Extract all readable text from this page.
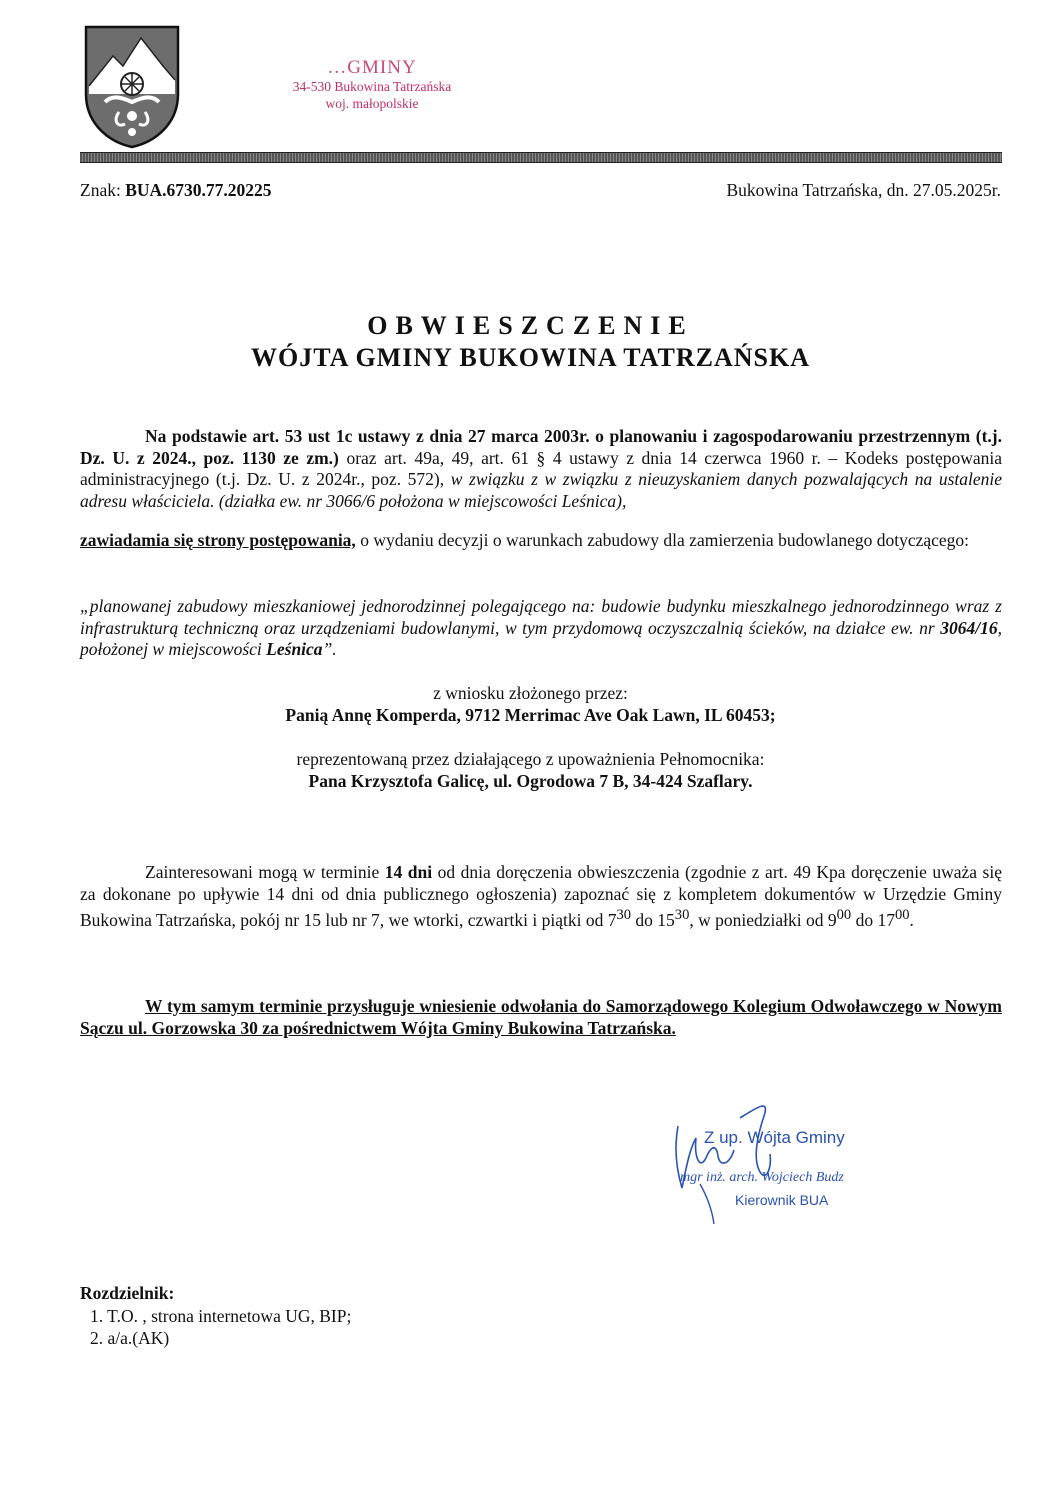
…GMINY
34-530 Bukowina Tatrzańska
woj. małopolskie
Znak: BUA.6730.77.20225	Bukowina Tatrzańska, dn. 27.05.2025r.
OBWIESZCZENIE
WÓJTA GMINY BUKOWINA TATRZAŃSKA
Na podstawie art. 53 ust 1c ustawy z dnia 27 marca 2003r. o planowaniu i zagospodarowaniu przestrzennym (t.j. Dz. U. z 2024., poz. 1130 ze zm.) oraz art. 49a, 49, art. 61 § 4 ustawy z dnia 14 czerwca 1960 r. – Kodeks postępowania administracyjnego (t.j. Dz. U. z 2024r., poz. 572), w związku z w związku z nieuzyskaniem danych pozwalających na ustalenie adresu właściciela. (działka ew. nr 3066/6 położona w miejscowości Leśnica),
zawiadamia się strony postępowania, o wydaniu decyzji o warunkach zabudowy dla zamierzenia budowlanego dotyczącego:
„planowanej zabudowy mieszkaniowej jednorodzinnej polegającego na: budowie budynku mieszkalnego jednorodzinnego wraz z infrastrukturą techniczną oraz urządzeniami budowlanymi, w tym przydomową oczyszczalnią ścieków, na działce ew. nr 3064/16, położonej w miejscowości Leśnica”.
z wniosku złożonego przez:
Panią Annę Komperda, 9712 Merrimac Ave Oak Lawn, IL 60453;
reprezentowaną przez działającego z upoważnienia Pełnomocnika:
Pana Krzysztofa Galicę, ul. Ogrodowa 7 B, 34-424 Szaflary.
Zainteresowani mogą w terminie 14 dni od dnia doręczenia obwieszczenia (zgodnie z art. 49 Kpa doręczenie uważa się za dokonane po upływie 14 dni od dnia publicznego ogłoszenia) zapoznać się z kompletem dokumentów w Urzędzie Gminy Bukowina Tatrzańska, pokój nr 15 lub nr 7, we wtorki, czwartki i piątki od $7^{30}$ do $15^{30}$, w poniedziałki od $9^{00}$ do $17^{00}$.
W tym samym terminie przysługuje wniesienie odwołania do Samorządowego Kolegium Odwoławczego w Nowym Sączu ul. Gorzowska 30 za pośrednictwem Wójta Gminy Bukowina Tatrzańska.
Z up. Wójta Gminy
mgr inż. arch. Wojciech Budz
Kierownik BUA
Rozdzielnik:
1. T.O. , strona internetowa UG, BIP;
2. a/a.(AK)
